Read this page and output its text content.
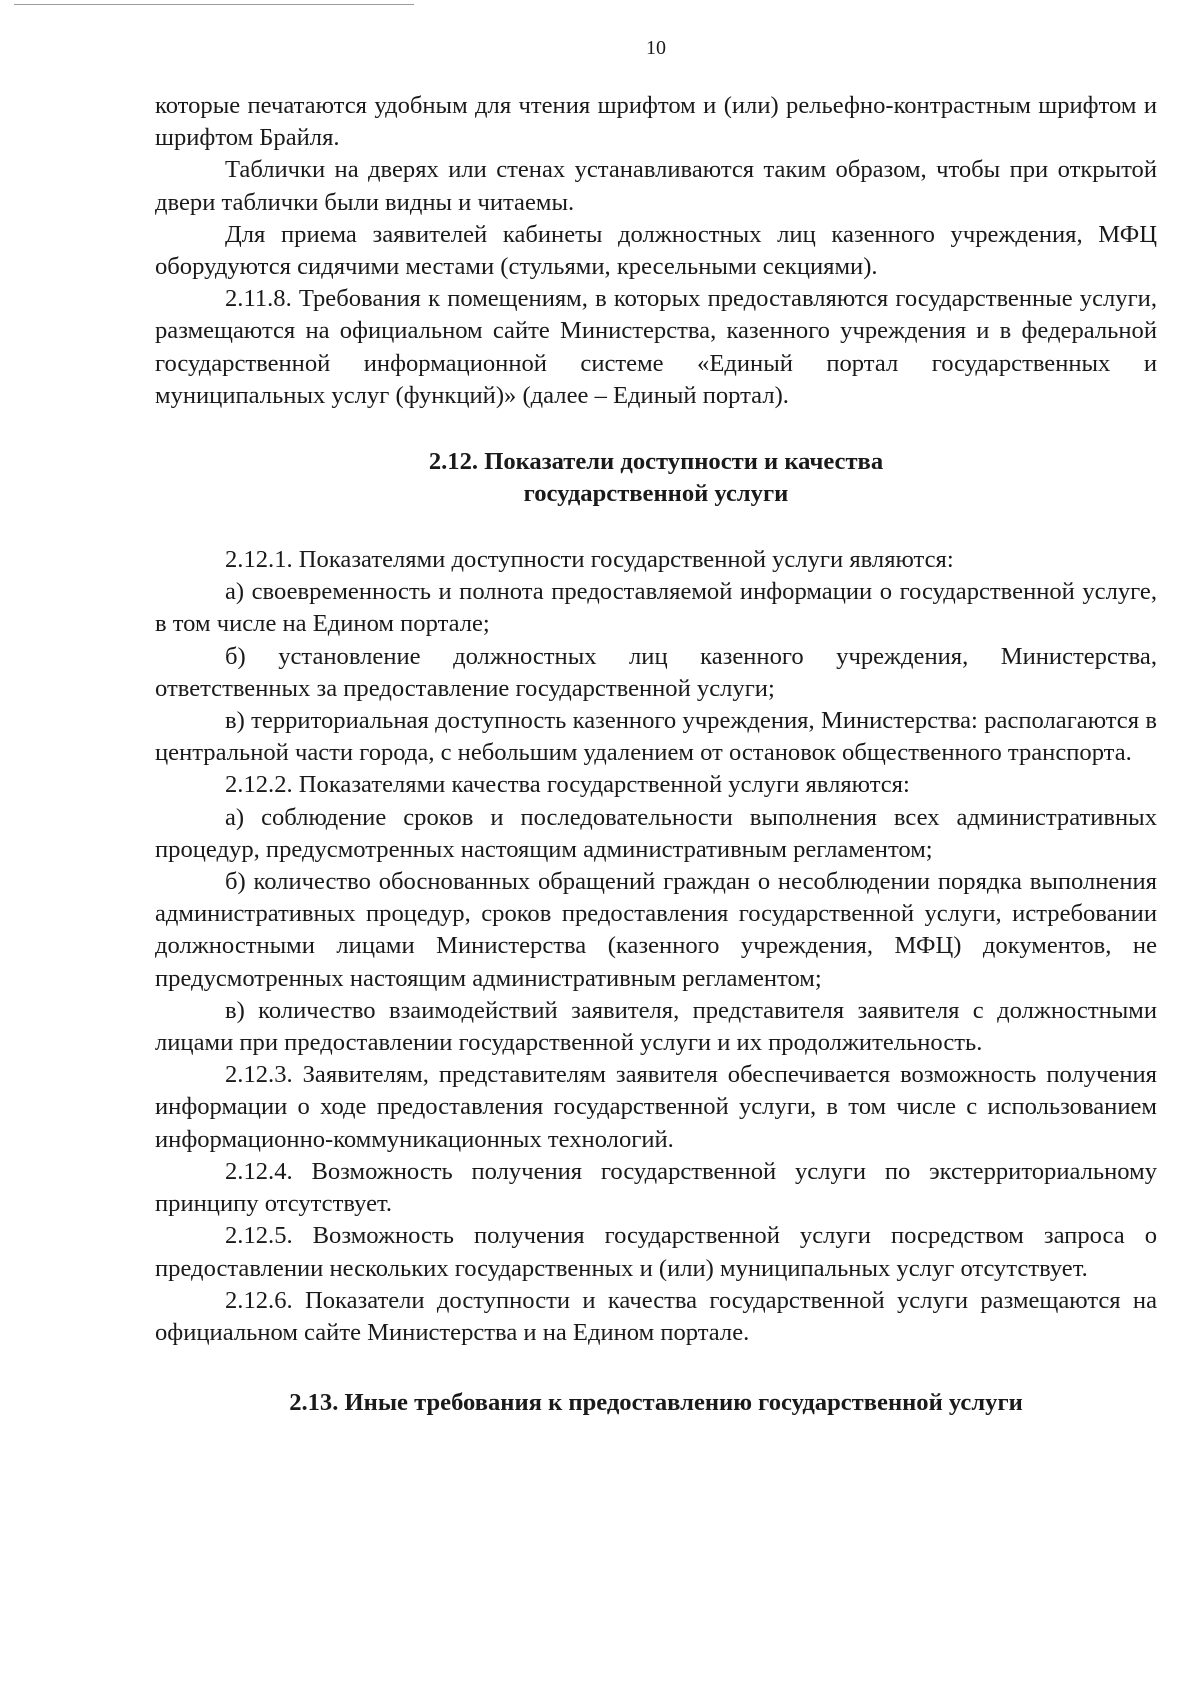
10

которые печатаются удобным для чтения шрифтом и (или) рельефно-контрастным шрифтом и шрифтом Брайля.

Таблички на дверях или стенах устанавливаются таким образом, чтобы при открытой двери таблички были видны и читаемы.

Для приема заявителей кабинеты должностных лиц казенного учреждения, МФЦ оборудуются сидячими местами (стульями, кресельными секциями).

2.11.8. Требования к помещениям, в которых предоставляются государственные услуги, размещаются на официальном сайте Министерства, казенного учреждения и в федеральной государственной информационной системе «Единый портал государственных и муниципальных услуг (функций)» (далее – Единый портал).

2.12. Показатели доступности и качества
государственной услуги

2.12.1. Показателями доступности государственной услуги являются:

а) своевременность и полнота предоставляемой информации о государственной услуге, в том числе на Едином портале;

б) установление должностных лиц казенного учреждения, Министерства, ответственных за предоставление государственной услуги;

в) территориальная доступность казенного учреждения, Министерства: располагаются в центральной части города, с небольшим удалением от остановок общественного транспорта.

2.12.2. Показателями качества государственной услуги являются:

а) соблюдение сроков и последовательности выполнения всех административных процедур, предусмотренных настоящим административным регламентом;

б) количество обоснованных обращений граждан о несоблюдении порядка выполнения административных процедур, сроков предоставления государственной услуги, истребовании должностными лицами Министерства (казенного учреждения, МФЦ) документов, не предусмотренных настоящим административным регламентом;

в) количество взаимодействий заявителя, представителя заявителя с должностными лицами при предоставлении государственной услуги и их продолжительность.

2.12.3. Заявителям, представителям заявителя обеспечивается возможность получения информации о ходе предоставления государственной услуги, в том числе с использованием информационно-коммуникационных технологий.

2.12.4. Возможность получения государственной услуги по экстерриториальному принципу отсутствует.

2.12.5. Возможность получения государственной услуги посредством запроса о предоставлении нескольких государственных и (или) муниципальных услуг отсутствует.

2.12.6. Показатели доступности и качества государственной услуги размещаются на официальном сайте Министерства и на Едином портале.

2.13. Иные требования к предоставлению государственной услуги
